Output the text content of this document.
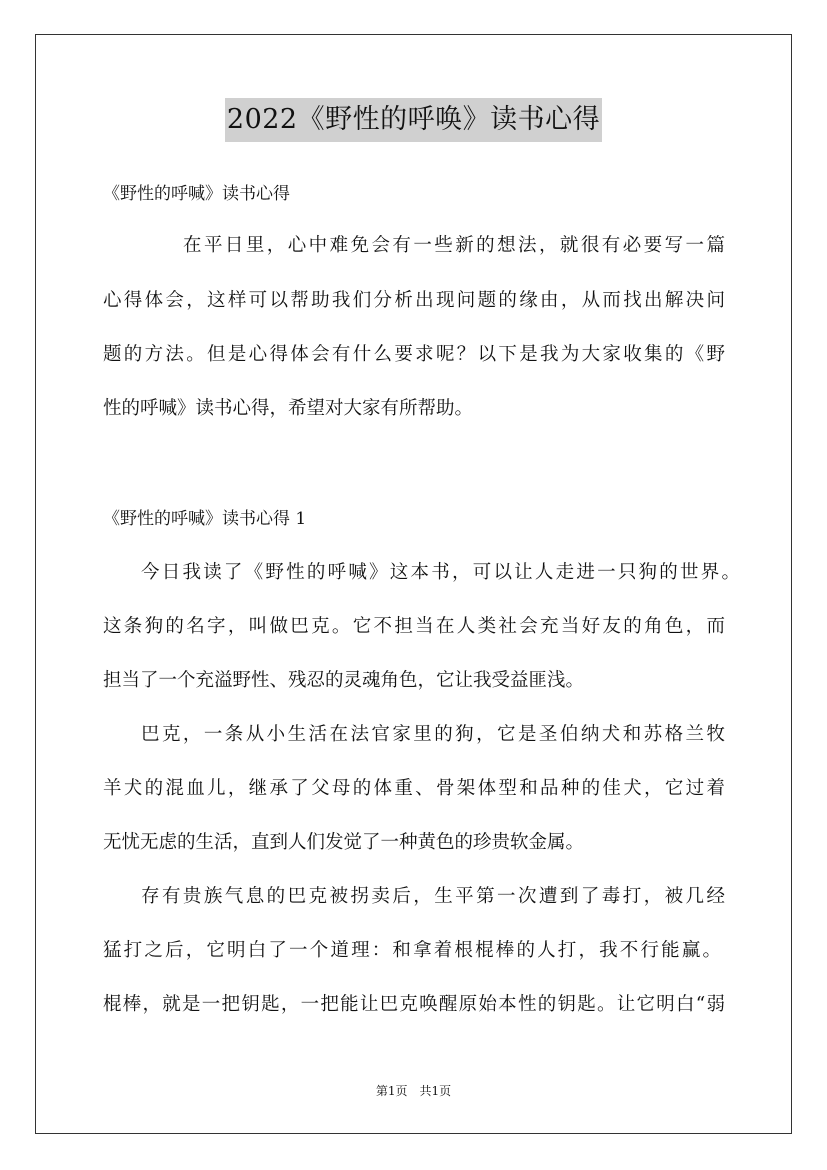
2022《野性的呼唤》读书心得
《野性的呼喊》读书心得
在平日里，心中难免会有一些新的想法，就很有必要写一篇
心得体会，这样可以帮助我们分析出现问题的缘由，从而找出解决问
题的方法。但是心得体会有什么要求呢？以下是我为大家收集的《野
性的呼喊》读书心得，希望对大家有所帮助。
《野性的呼喊》读书心得 1
今日我读了《野性的呼喊》这本书，可以让人走进一只狗的世界。
这条狗的名字，叫做巴克。它不担当在人类社会充当好友的角色，而
担当了一个充溢野性、残忍的灵魂角色，它让我受益匪浅。
巴克，一条从小生活在法官家里的狗，它是圣伯纳犬和苏格兰牧
羊犬的混血儿，继承了父母的体重、骨架体型和品种的佳犬，它过着
无忧无虑的生活，直到人们发觉了一种黄色的珍贵软金属。
存有贵族气息的巴克被拐卖后，生平第一次遭到了毒打，被几经
猛打之后，它明白了一个道理：和拿着根棍棒的人打，我不行能赢。
棍棒，就是一把钥匙，一把能让巴克唤醒原始本性的钥匙。让它明白“弱
第1页　共1页
